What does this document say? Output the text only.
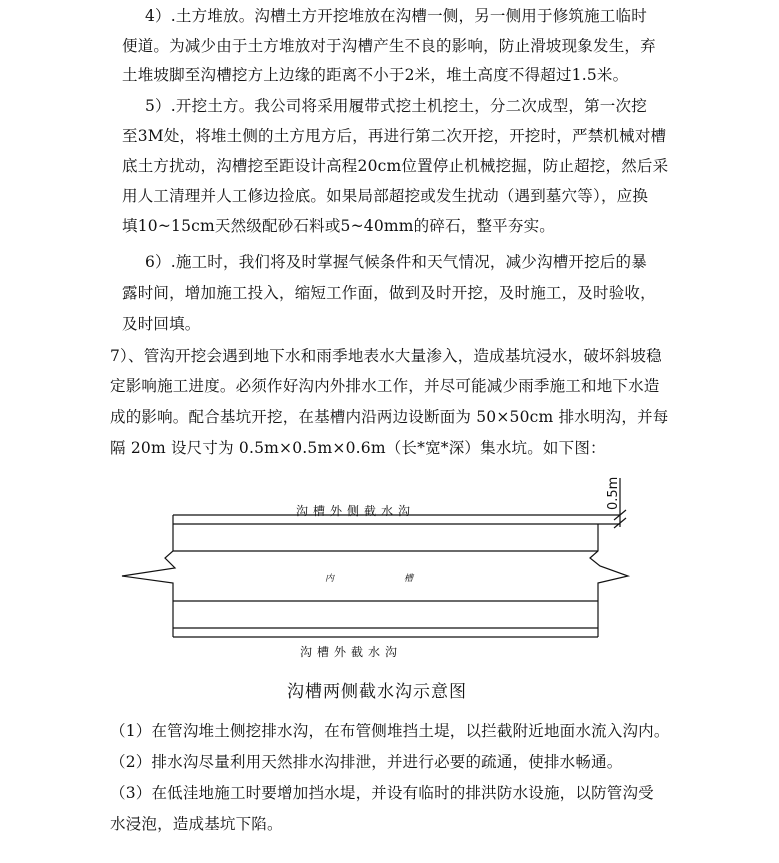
4）.土方堆放。沟槽土方开挖堆放在沟槽一侧，另一侧用于修筑施工临时
便道。为减少由于土方堆放对于沟槽产生不良的影响，防止滑坡现象发生，弃
土堆坡脚至沟槽挖方上边缘的距离不小于2米，堆土高度不得超过1.5米。
5）.开挖土方。我公司将采用履带式挖土机挖土，分二次成型，第一次挖
至3M处，将堆土侧的土方甩方后，再进行第二次开挖，开挖时，严禁机械对槽
底土方扰动，沟槽挖至距设计高程20cm位置停止机械挖掘，防止超挖，然后采
用人工清理并人工修边捡底。如果局部超挖或发生扰动（遇到墓穴等），应换
填10~15cm天然级配砂石料或5~40mm的碎石，整平夯实。
6）.施工时，我们将及时掌握气候条件和天气情况，减少沟槽开挖后的暴
露时间，增加施工投入，缩短工作面，做到及时开挖，及时施工，及时验收，
及时回填。
7）、管沟开挖会遇到地下水和雨季地表水大量渗入，造成基坑浸水，破坏斜坡稳
定影响施工进度。必须作好沟内外排水工作，并尽可能减少雨季施工和地下水造
成的影响。配合基坑开挖，在基槽内沿两边设断面为 50×50cm 排水明沟，并每
隔 20m 设尺寸为 0.5m×0.5m×0.6m（长*宽*深）集水坑。如下图：
沟槽外侧截水沟
内	槽
沟槽外截水沟
0.5m
沟槽两侧截水沟示意图
（1）在管沟堆土侧挖排水沟，在布管侧堆挡土堤，以拦截附近地面水流入沟内。
（2）排水沟尽量利用天然排水沟排泄，并进行必要的疏通，使排水畅通。
（3）在低洼地施工时要增加挡水堤，并设有临时的排洪防水设施，以防管沟受
水浸泡，造成基坑下陷。
